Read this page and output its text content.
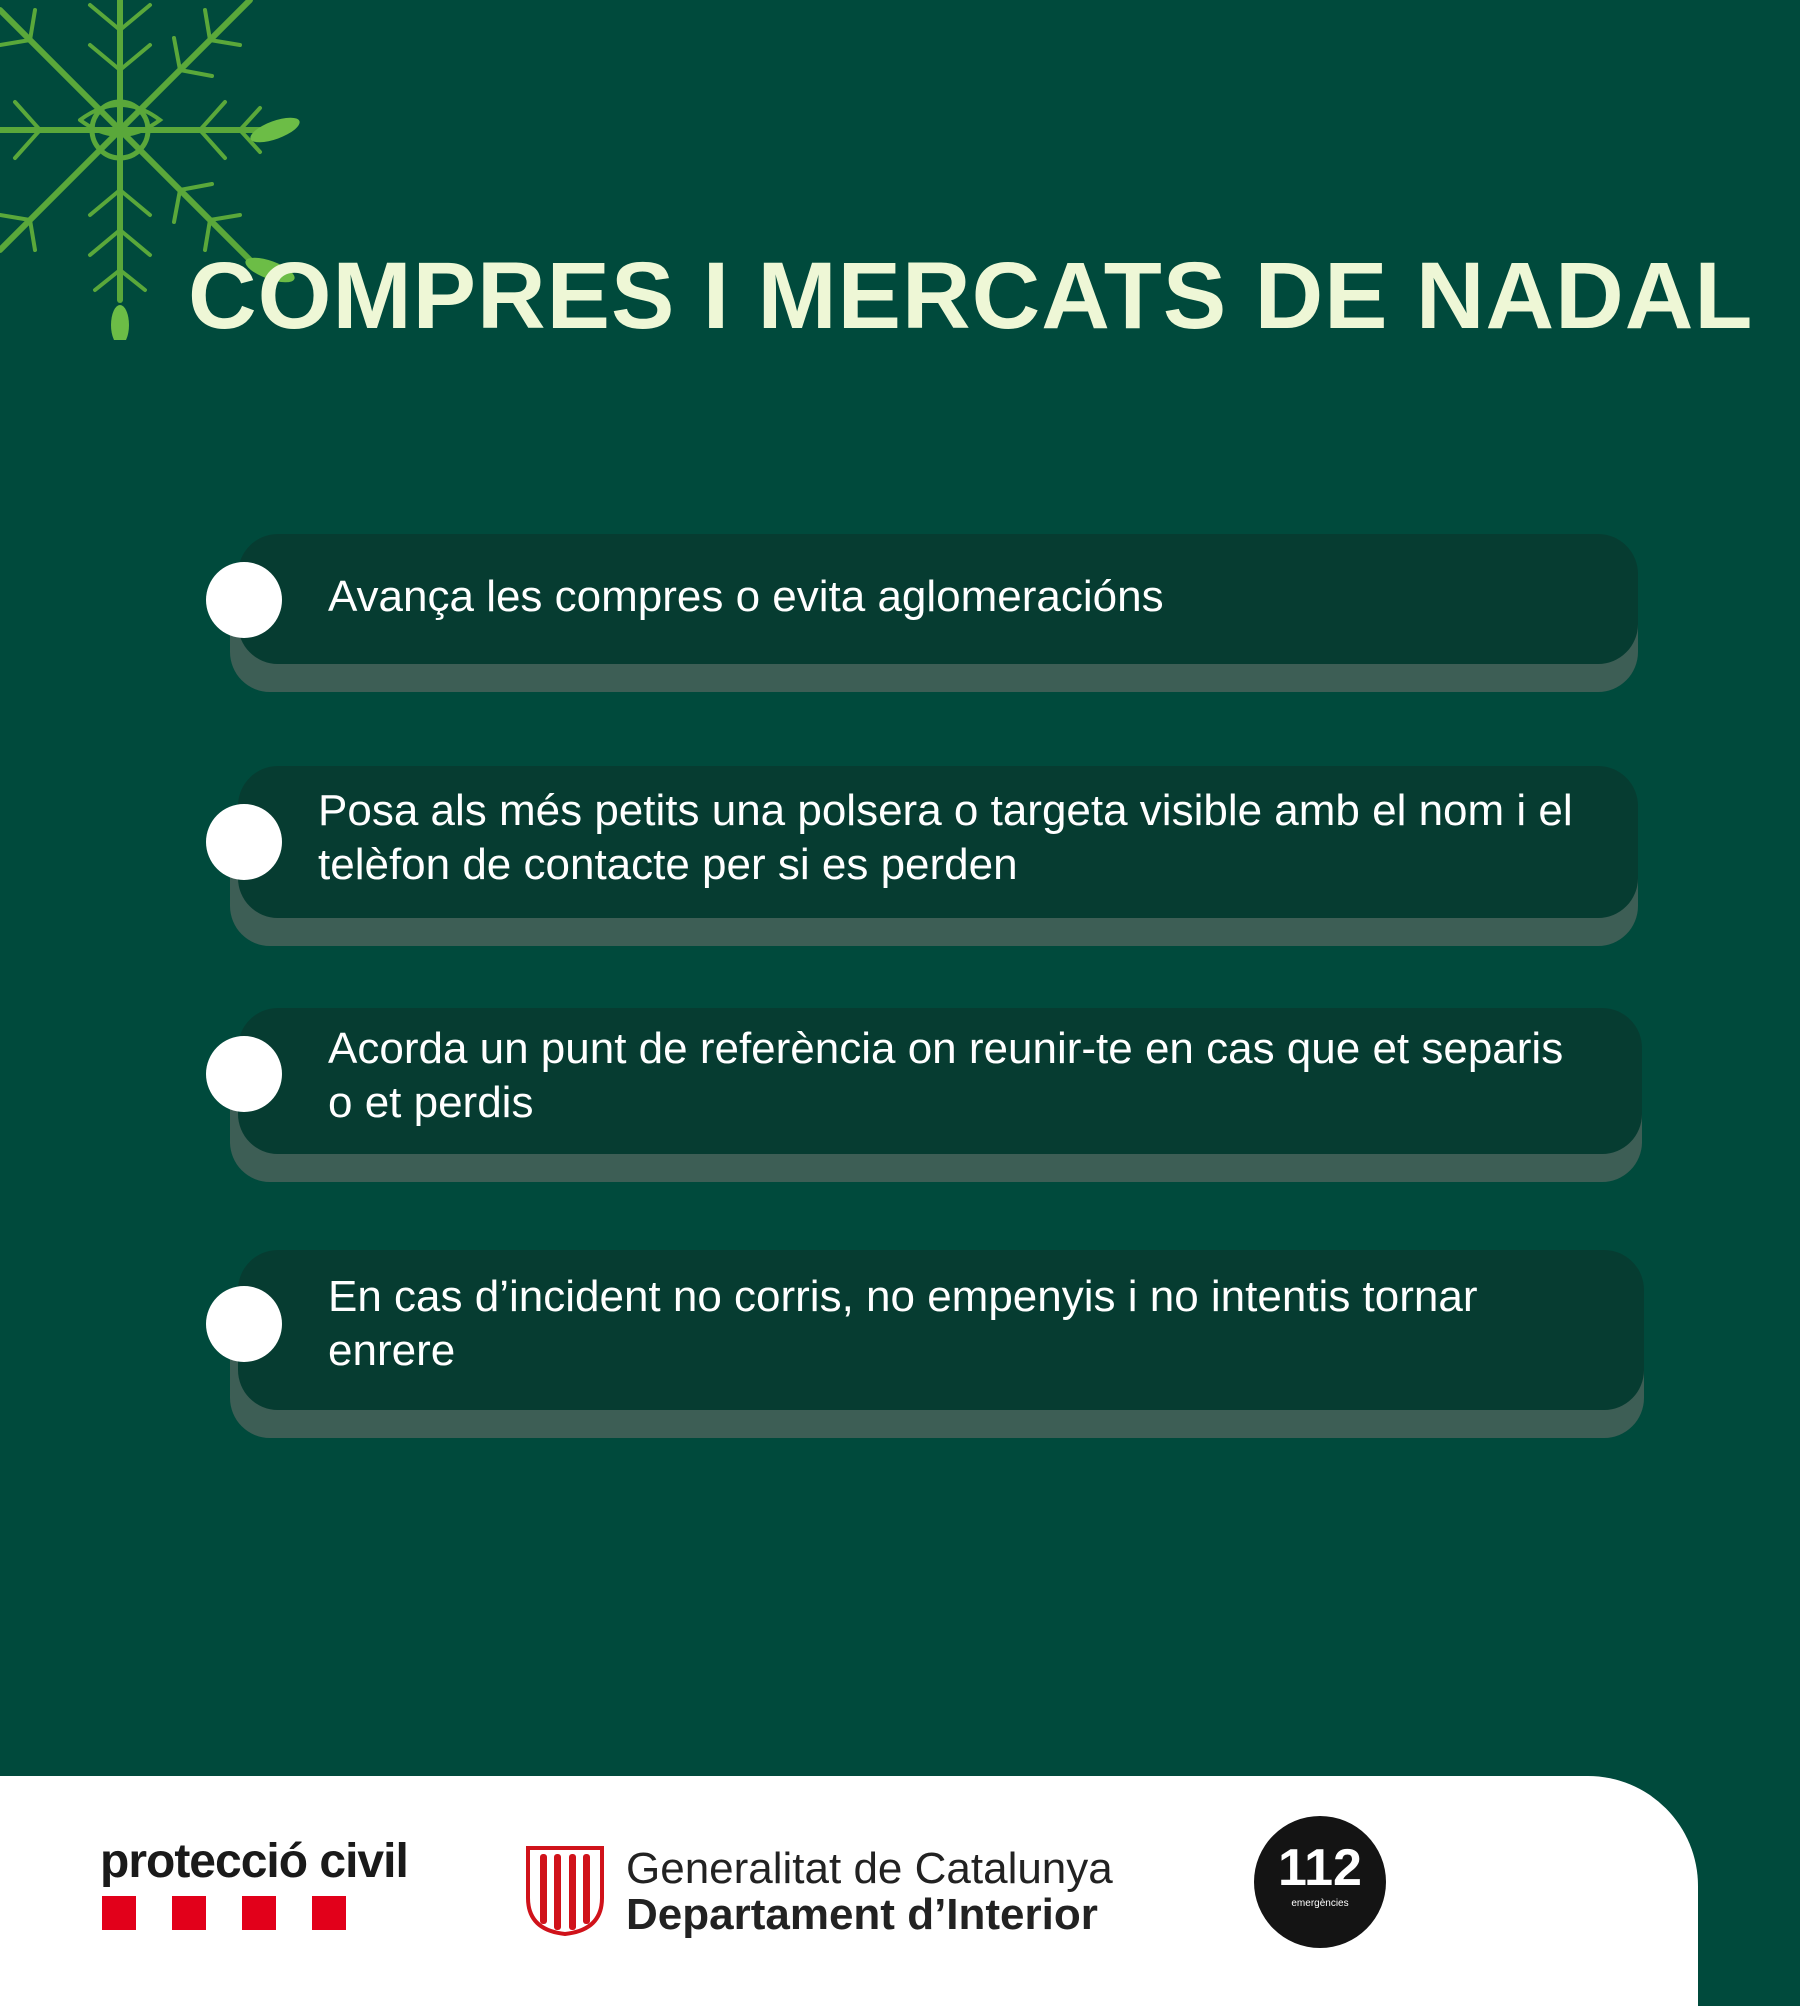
COMPRES I MERCATS DE NADAL
Avança les compres o evita aglomeracións
Posa als més petits una polsera o targeta visible amb el nom i el telèfon de contacte per si es perden
Acorda un punt de referència on reunir-te en cas que et separis o et perdis
En cas d’incident no corris, no empenyis i no intentis tornar enrere
protecció civil	Generalitat de Catalunya
Departament d’Interior
112
emergències
